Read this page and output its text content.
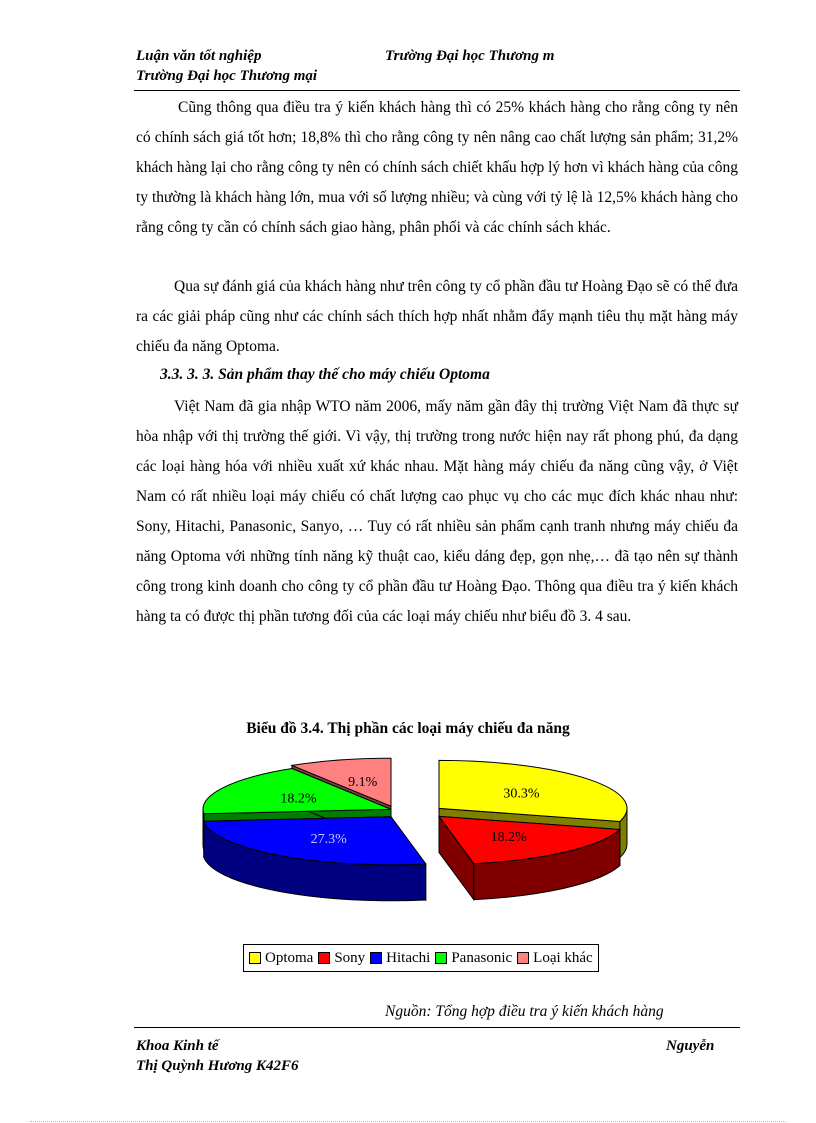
Luận văn tốt nghiệp	Trường Đại học Thương m
Trường Đại học Thương mại

Cũng thông qua điều tra ý kiến khách hàng thì có 25% khách hàng cho rằng công ty nên có chính sách giá tốt hơn; 18,8% thì cho rằng công ty nên nâng cao chất lượng sản phẩm; 31,2% khách hàng lại cho rằng công ty nên có chính sách chiết khấu hợp lý hơn vì khách hàng của công ty thường là khách hàng lớn, mua với số lượng nhiều; và cùng với tỷ lệ là 12,5% khách hàng cho rằng công ty cần có chính sách giao hàng, phân phối và các chính sách khác.

Qua sự đánh giá của khách hàng như trên công ty cổ phần đầu tư Hoàng Đạo sẽ có thể đưa ra các giải pháp cũng như các chính sách thích hợp nhất nhằm đẩy mạnh tiêu thụ mặt hàng máy chiếu đa năng Optoma.

3.3. 3. 3. Sản phẩm thay thế cho máy chiếu Optoma

Việt Nam đã gia nhập WTO năm 2006, mấy năm gần đây thị trường Việt Nam đã thực sự hòa nhập với thị trường thế giới. Vì vậy, thị trường trong nước hiện nay rất phong phú, đa dạng các loại hàng hóa với nhiều xuất xứ khác nhau. Mặt hàng máy chiếu đa năng cũng vậy, ở Việt Nam có rất nhiều loại máy chiếu có chất lượng cao phục vụ cho các mục đích khác nhau như: Sony, Hitachi, Panasonic, Sanyo, … Tuy có rất nhiều sản phẩm cạnh tranh nhưng máy chiếu đa năng Optoma với những tính năng kỹ thuật cao, kiểu dáng đẹp, gọn nhẹ,… đã tạo nên sự thành công trong kinh doanh cho công ty cổ phần đầu tư Hoàng Đạo. Thông qua điều tra ý kiến khách hàng ta có được thị phần tương đối của các loại máy chiếu như biểu đồ 3. 4 sau.

Biểu đồ 3.4. Thị phần các loại máy chiếu đa năng
30.3%
18.2%
27.3%
18.2%
9.1%
Optoma Sony Hitachi Panasonic Loại khác
Nguồn: Tổng hợp điều tra ý kiến khách hàng
Khoa Kinh tế	Nguyễn
Thị Quỳnh Hương K42F6
